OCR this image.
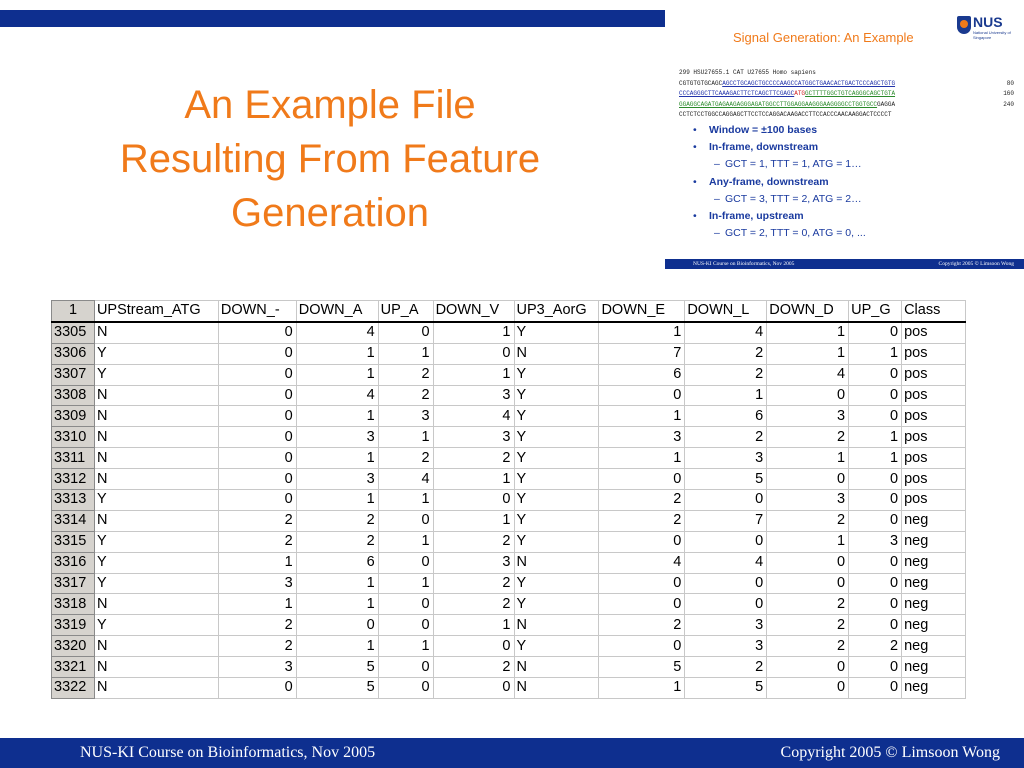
An Example File
Resulting From Feature
Generation
NUS
National University of Singapore
Signal Generation: An Example
299 HSU27655.1 CAT U27655 Homo sapiens
CGTGTGTGCAGCAGCCTGCAGCTGCCCCAAGCCATGGCTGAACACTGACTCCCAGCTGTG	80
CCCAGGGCTTCAAAGACTTCTCAGCTTCGAGCATGGCTTTTGGCTGTCAGGGCAGCTGTA	160
GGAGGCAGATGAGAAGAGGGAGATGGCCTTGGAGGAAGGGAAGGGGCCTGGTGCCGAGGA	240
CCTCTCCTGGCCAGGAGCTTCCTCCAGGACAAGACCTTCCACCCAACAAGGACTCCCCT
• Window = ±100 bases
• In-frame, downstream
– GCT = 1, TTT = 1, ATG = 1…
• Any-frame, downstream
– GCT = 3, TTT = 2, ATG = 2…
• In-frame, upstream
– GCT = 2, TTT = 0, ATG = 0, ...
NUS-KI Course on Bioinformatics, Nov 2005	Copyright 2005 © Limsoon Wong
1	UPStream_ATG	DOWN_-	DOWN_A	UP_A	DOWN_V	UP3_AorG	DOWN_E	DOWN_L	DOWN_D	UP_G	Class
3305	N	0	4	0	1	Y	1	4	1	0	pos
3306	Y	0	1	1	0	N	7	2	1	1	pos
3307	Y	0	1	2	1	Y	6	2	4	0	pos
3308	N	0	4	2	3	Y	0	1	0	0	pos
3309	N	0	1	3	4	Y	1	6	3	0	pos
3310	N	0	3	1	3	Y	3	2	2	1	pos
3311	N	0	1	2	2	Y	1	3	1	1	pos
3312	N	0	3	4	1	Y	0	5	0	0	pos
3313	Y	0	1	1	0	Y	2	0	3	0	pos
3314	N	2	2	0	1	Y	2	7	2	0	neg
3315	Y	2	2	1	2	Y	0	0	1	3	neg
3316	Y	1	6	0	3	N	4	4	0	0	neg
3317	Y	3	1	1	2	Y	0	0	0	0	neg
3318	N	1	1	0	2	Y	0	0	2	0	neg
3319	Y	2	0	0	1	N	2	3	2	0	neg
3320	N	2	1	1	0	Y	0	3	2	2	neg
3321	N	3	5	0	2	N	5	2	0	0	neg
3322	N	0	5	0	0	N	1	5	0	0	neg
NUS-KI Course on Bioinformatics, Nov 2005	Copyright 2005 © Limsoon Wong
